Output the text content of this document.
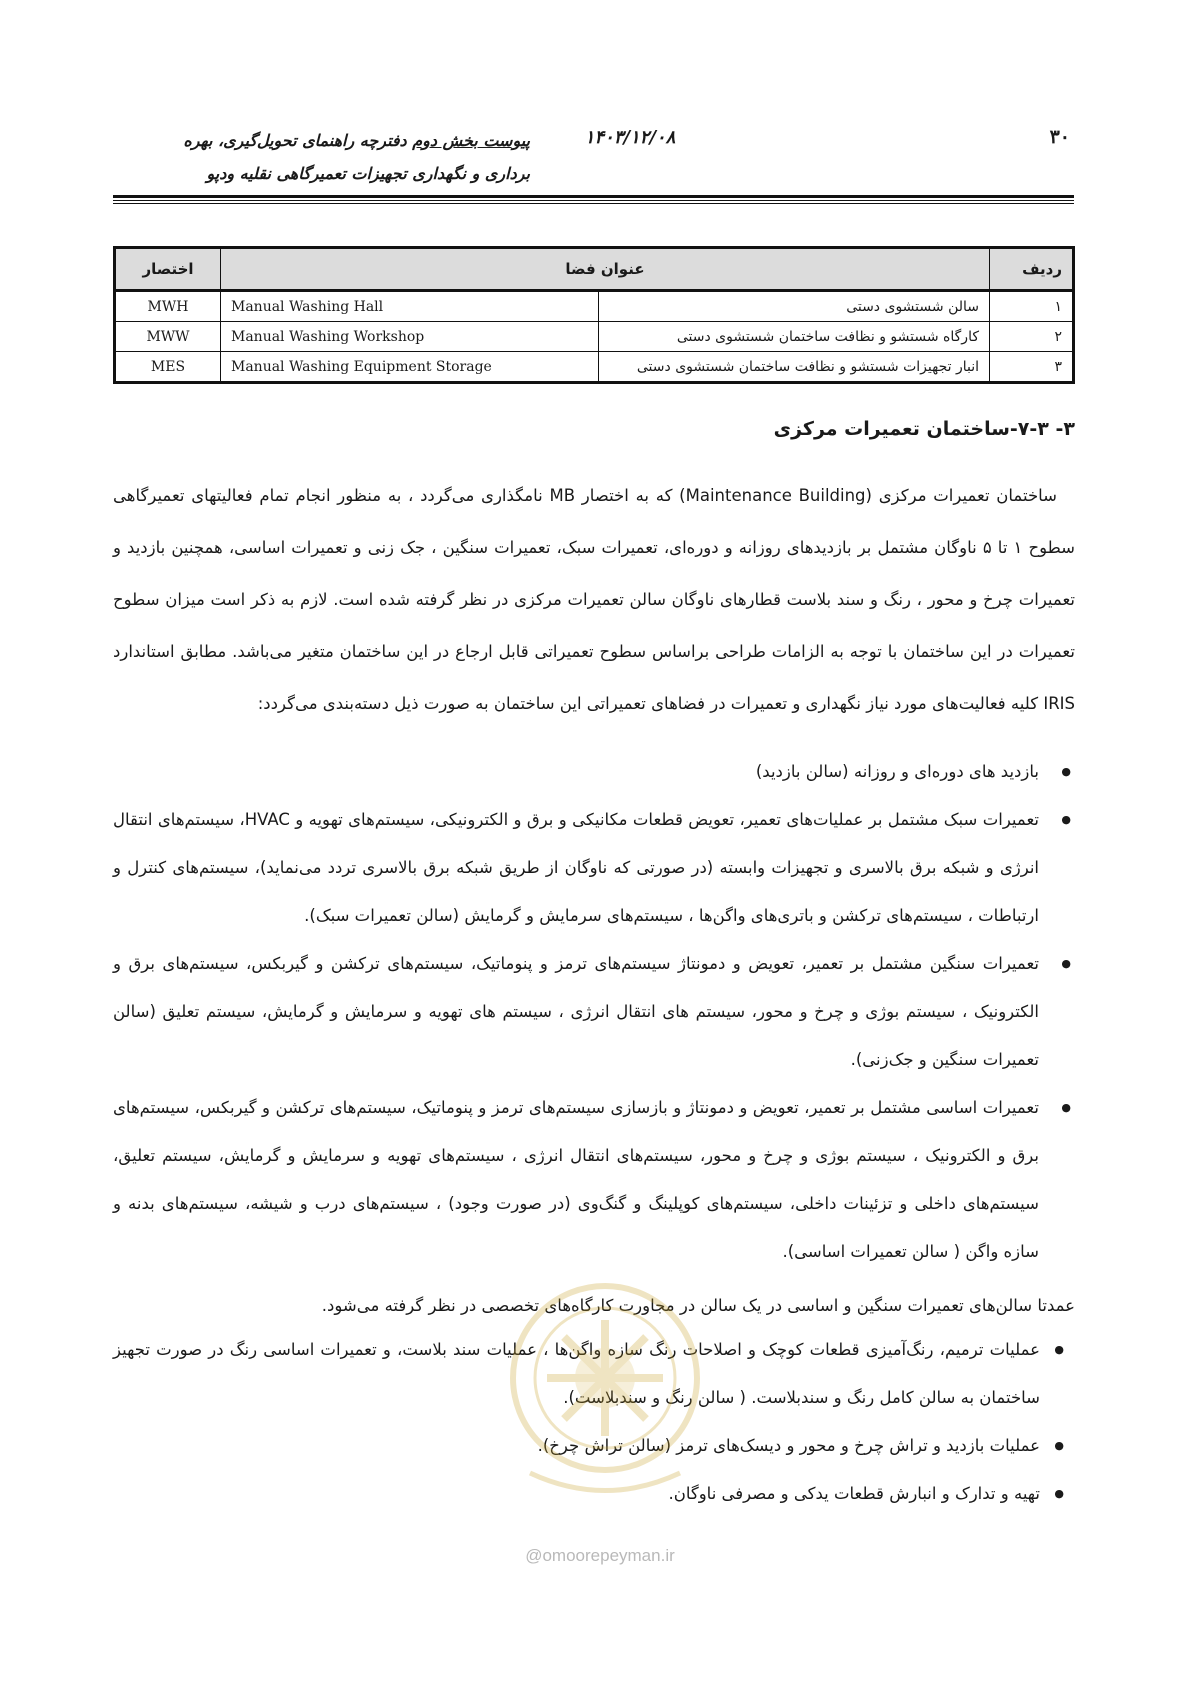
۳۰
۱۴۰۳/۱۲/۰۸
پیوست بخش دوم دفترچه راهنمای تحویل‌گیری، بهره
برداری و نگهداری تجهیزات تعمیرگاهی نقلیه ودپو
ردیف	عنوان فضا		اختصار
۱	سالن شستشوی دستی	Manual Washing Hall	MWH
۲	کارگاه شستشو و نظافت ساختمان شستشوی دستی	Manual Washing Workshop	MWW
۳	انبار تجهیزات شستشو و نظافت ساختمان شستشوی دستی	Manual Washing Equipment Storage	MES
۳- ۷-۳-ساختمان تعمیرات مرکزی
ساختمان تعمیرات مرکزی (Maintenance Building) که به اختصار MB نامگذاری می‌گردد ، به منظور انجام تمام فعالیتهای تعمیرگاهی سطوح ۱ تا ۵ ناوگان مشتمل بر بازدیدهای روزانه و دوره‌ای، تعمیرات سبک، تعمیرات سنگین ، جک زنی و تعمیرات اساسی، همچنین بازدید و تعمیرات چرخ و محور ، رنگ و سند بلاست قطارهای ناوگان سالن تعمیرات مرکزی در نظر گرفته شده است. لازم به ذکر است میزان سطوح تعمیرات در این ساختمان با توجه به الزامات طراحی براساس سطوح تعمیراتی قابل ارجاع در این ساختمان متغیر می‌باشد. مطابق استاندارد IRIS کلیه فعالیت‌های مورد نیاز نگهداری و تعمیرات در فضاهای تعمیراتی این ساختمان به صورت ذیل دسته‌بندی می‌گردد:
● بازدید های دوره‌ای و روزانه (سالن بازدید)
● تعمیرات سبک مشتمل بر عملیات‌های تعمیر، تعویض قطعات مکانیکی و برق و الکترونیکی، سیستم‌های تهویه و HVAC، سیستم‌های انتقال انرژی و شبکه برق بالاسری و تجهیزات وابسته (در صورتی که ناوگان از طریق شبکه برق بالاسری تردد می‌نماید)، سیستم‌های کنترل و ارتباطات ، سیستم‌های ترکشن و باتری‌های واگن‌ها ، سیستم‌های سرمایش و گرمایش (سالن تعمیرات سبک).
● تعمیرات سنگین مشتمل بر تعمیر، تعویض و دمونتاژ سیستم‌های ترمز و پنوماتیک، سیستم‌های ترکشن و گیربکس، سیستم‌های برق و الکترونیک ، سیستم بوژی و چرخ و محور، سیستم های انتقال انرژی ، سیستم های تهویه و سرمایش و گرمایش، سیستم تعلیق (سالن تعمیرات سنگین و جک‌زنی).
● تعمیرات اساسی مشتمل بر تعمیر، تعویض و دمونتاژ و بازسازی سیستم‌های ترمز و پنوماتیک، سیستم‌های ترکشن و گیربکس، سیستم‌های برق و الکترونیک ، سیستم بوژی و چرخ و محور، سیستم‌های انتقال انرژی ، سیستم‌های تهویه و سرمایش و گرمایش، سیستم تعلیق، سیستم‌های داخلی و تزئینات داخلی، سیستم‌های کوپلینگ و گنگ‌وی (در صورت وجود) ، سیستم‌های درب و شیشه، سیستم‌های بدنه و سازه واگن ( سالن تعمیرات اساسی).
عمدتا سالن‌های تعمیرات سنگین و اساسی در یک سالن در مجاورت کارگاه‌های تخصصی در نظر گرفته می‌شود.
● عملیات ترمیم، رنگ‌آمیزی قطعات کوچک و اصلاحات رنگ سازه واگن‌ها ، عملیات سند بلاست، و تعمیرات اساسی رنگ در صورت تجهیز ساختمان به سالن کامل رنگ و سندبلاست. ( سالن رنگ و سندبلاست).
● عملیات بازدید و تراش چرخ و محور و دیسک‌های ترمز (سالن تراش چرخ).
● تهیه و تدارک و انبارش قطعات یدکی و مصرفی ناوگان.
@omoorepeyman.ir
